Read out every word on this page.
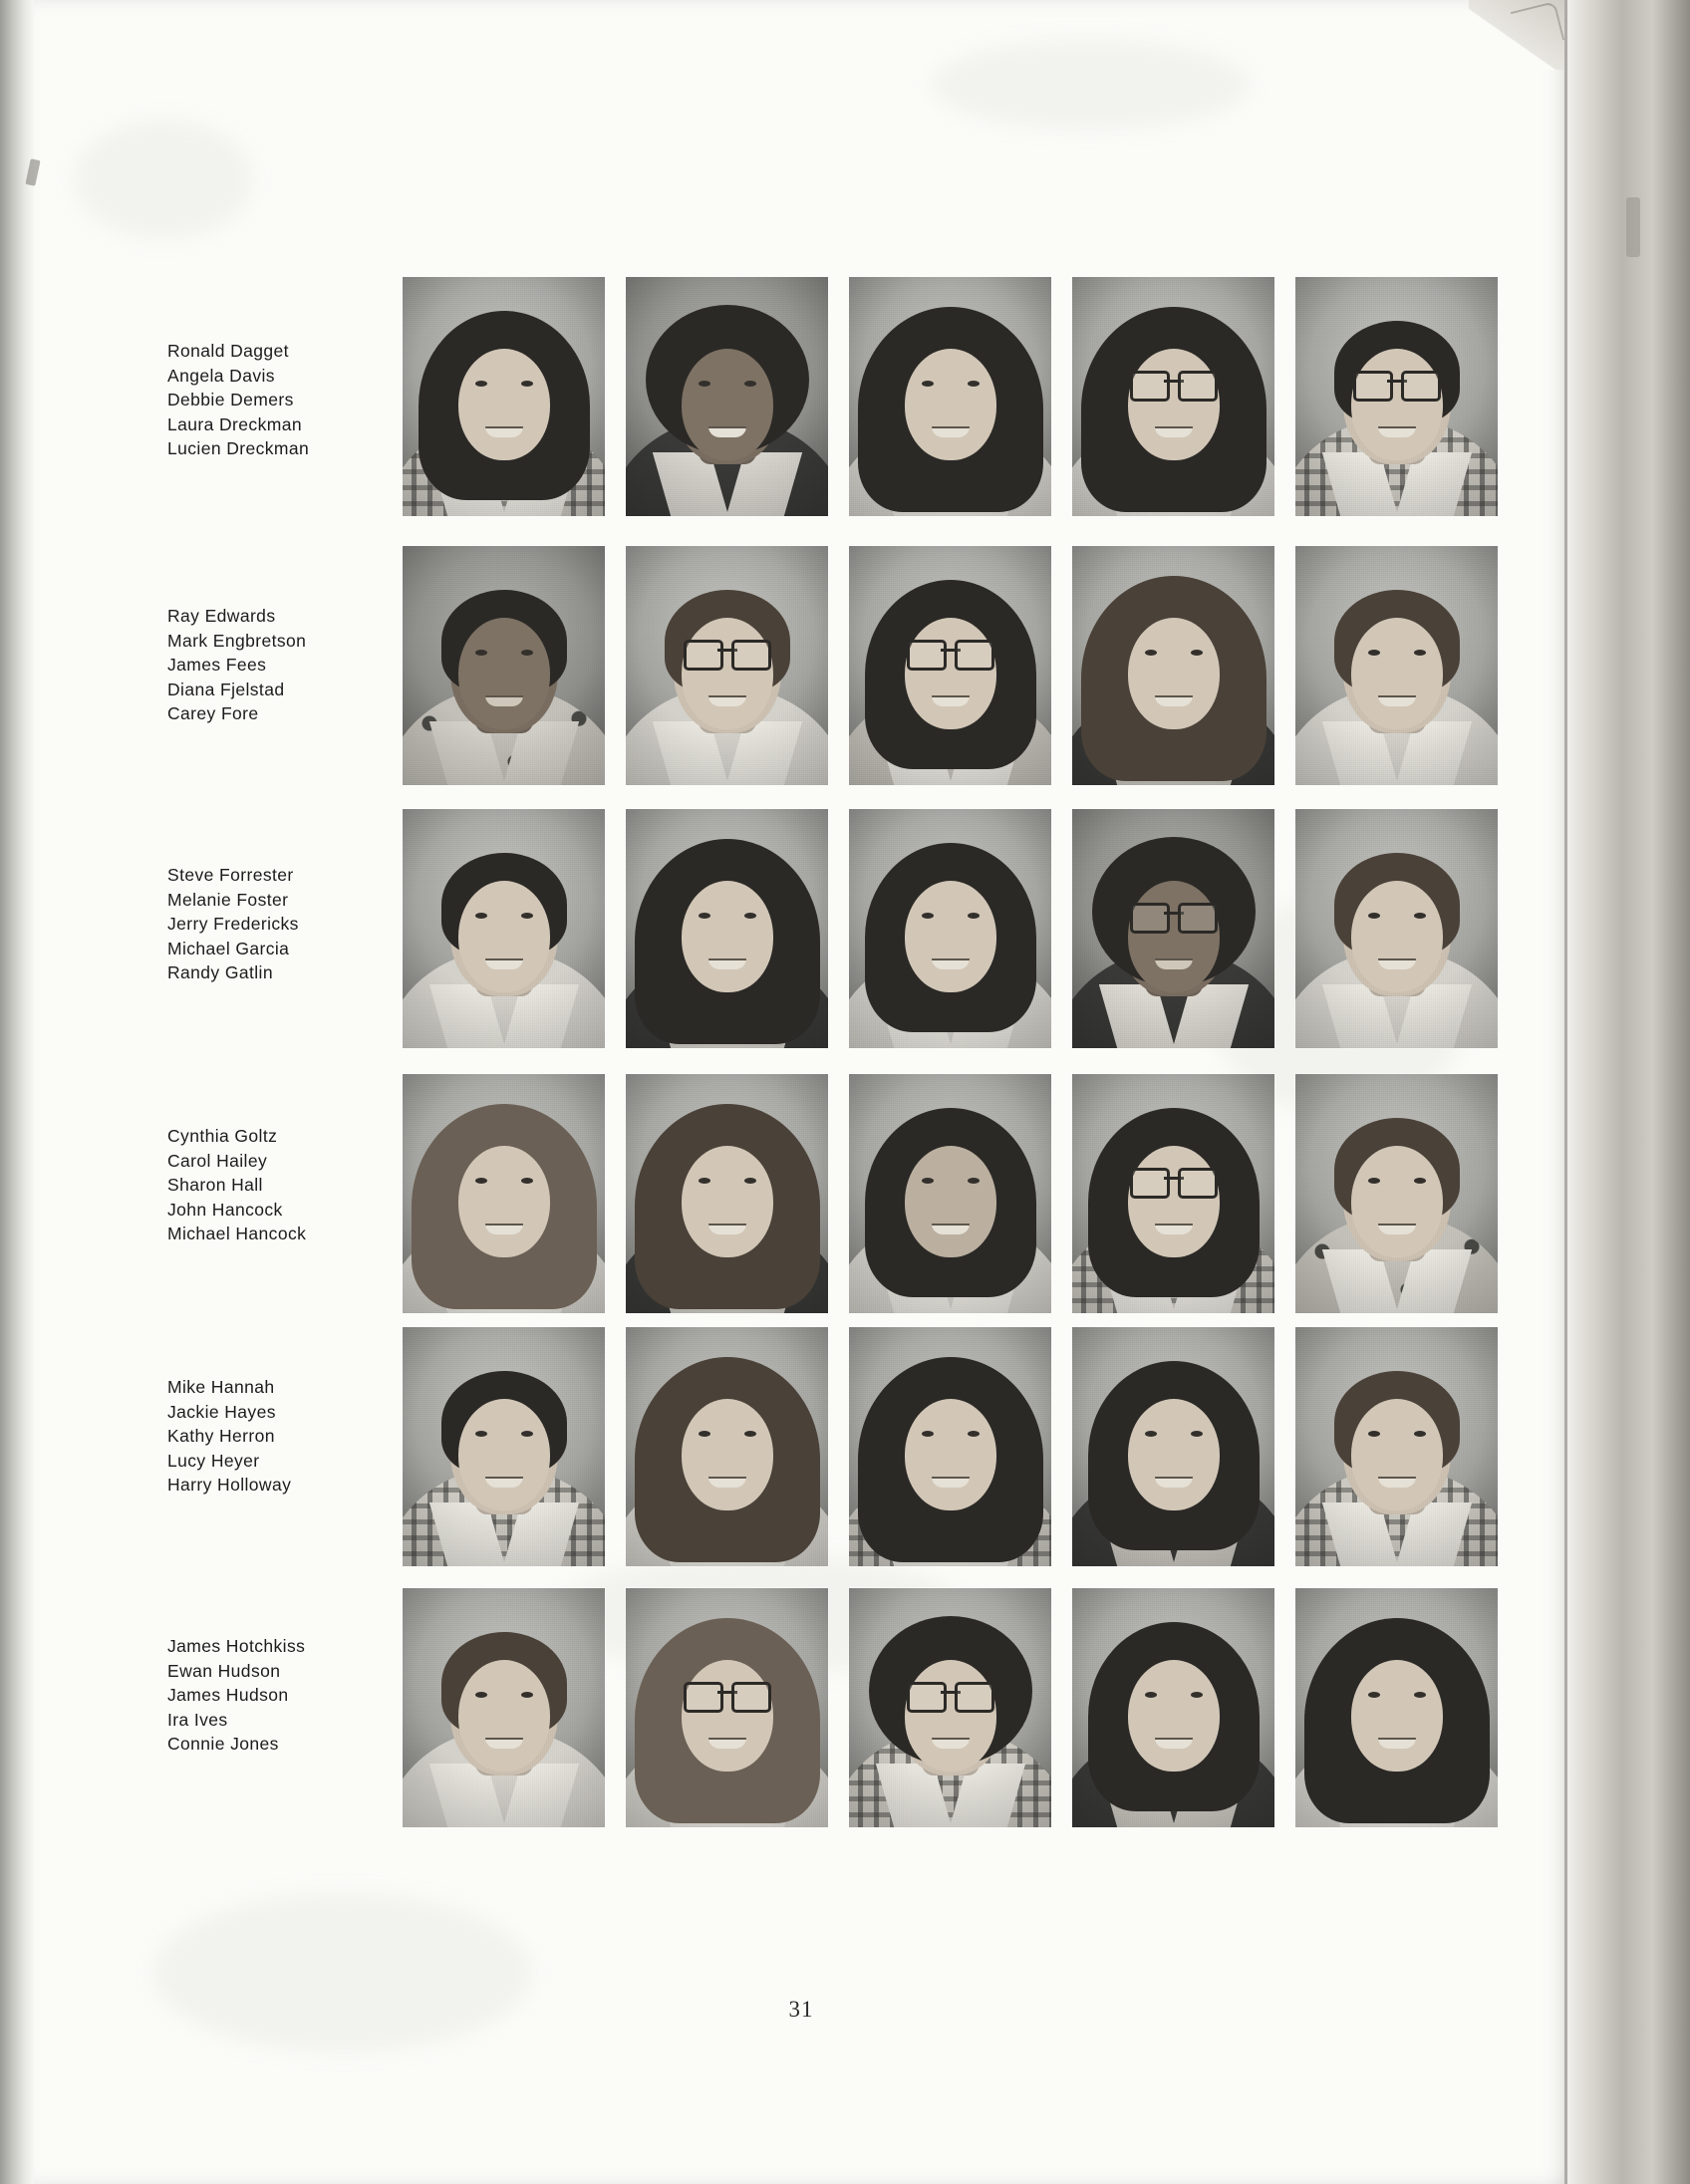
Ronald Dagget
Angela Davis
Debbie Demers
Laura Dreckman
Lucien Dreckman
Ray Edwards
Mark Engbretson
James Fees
Diana Fjelstad
Carey Fore
Steve Forrester
Melanie Foster
Jerry Fredericks
Michael Garcia
Randy Gatlin
Cynthia Goltz
Carol Hailey
Sharon Hall
John Hancock
Michael Hancock
Mike Hannah
Jackie Hayes
Kathy Herron
Lucy Heyer
Harry Holloway
James Hotchkiss
Ewan Hudson
James Hudson
Ira Ives
Connie Jones
31
